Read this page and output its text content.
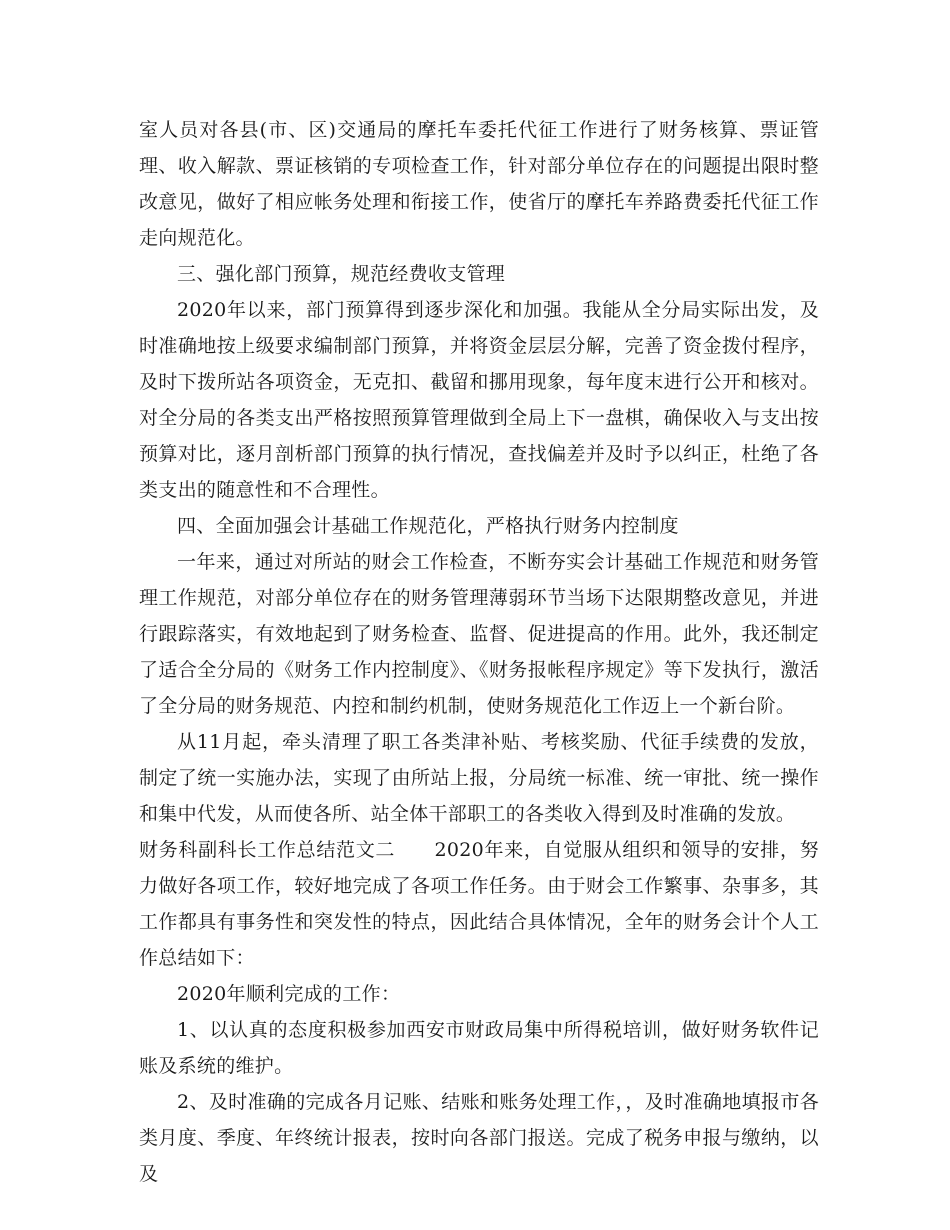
室人员对各县(市、区)交通局的摩托车委托代征工作进行了财务核算、票证管理、收入解款、票证核销的专项检查工作，针对部分单位存在的问题提出限时整改意见，做好了相应帐务处理和衔接工作，使省厅的摩托车养路费委托代征工作走向规范化。

三、强化部门预算，规范经费收支管理

2020年以来，部门预算得到逐步深化和加强。我能从全分局实际出发，及时准确地按上级要求编制部门预算，并将资金层层分解，完善了资金拨付程序，及时下拨所站各项资金，无克扣、截留和挪用现象，每年度末进行公开和核对。对全分局的各类支出严格按照预算管理做到全局上下一盘棋，确保收入与支出按预算对比，逐月剖析部门预算的执行情况，查找偏差并及时予以纠正，杜绝了各类支出的随意性和不合理性。

四、全面加强会计基础工作规范化，严格执行财务内控制度

一年来，通过对所站的财会工作检查，不断夯实会计基础工作规范和财务管理工作规范，对部分单位存在的财务管理薄弱环节当场下达限期整改意见，并进行跟踪落实，有效地起到了财务检查、监督、促进提高的作用。此外，我还制定了适合全分局的《财务工作内控制度》、《财务报帐程序规定》等下发执行，激活了全分局的财务规范、内控和制约机制，使财务规范化工作迈上一个新台阶。

从11月起，牵头清理了职工各类津补贴、考核奖励、代征手续费的发放，制定了统一实施办法，实现了由所站上报，分局统一标准、统一审批、统一操作和集中代发，从而使各所、站全体干部职工的各类收入得到及时准确的发放。

财务科副科长工作总结范文二　　2020年来，自觉服从组织和领导的安排，努力做好各项工作，较好地完成了各项工作任务。由于财会工作繁事、杂事多，其工作都具有事务性和突发性的特点，因此结合具体情况，全年的财务会计个人工作总结如下：

2020年顺利完成的工作：

1、以认真的态度积极参加西安市财政局集中所得税培训，做好财务软件记账及系统的维护。

2、及时准确的完成各月记账、结账和账务处理工作，，及时准确地填报市各类月度、季度、年终统计报表，按时向各部门报送。完成了税务申报与缴纳，以及
